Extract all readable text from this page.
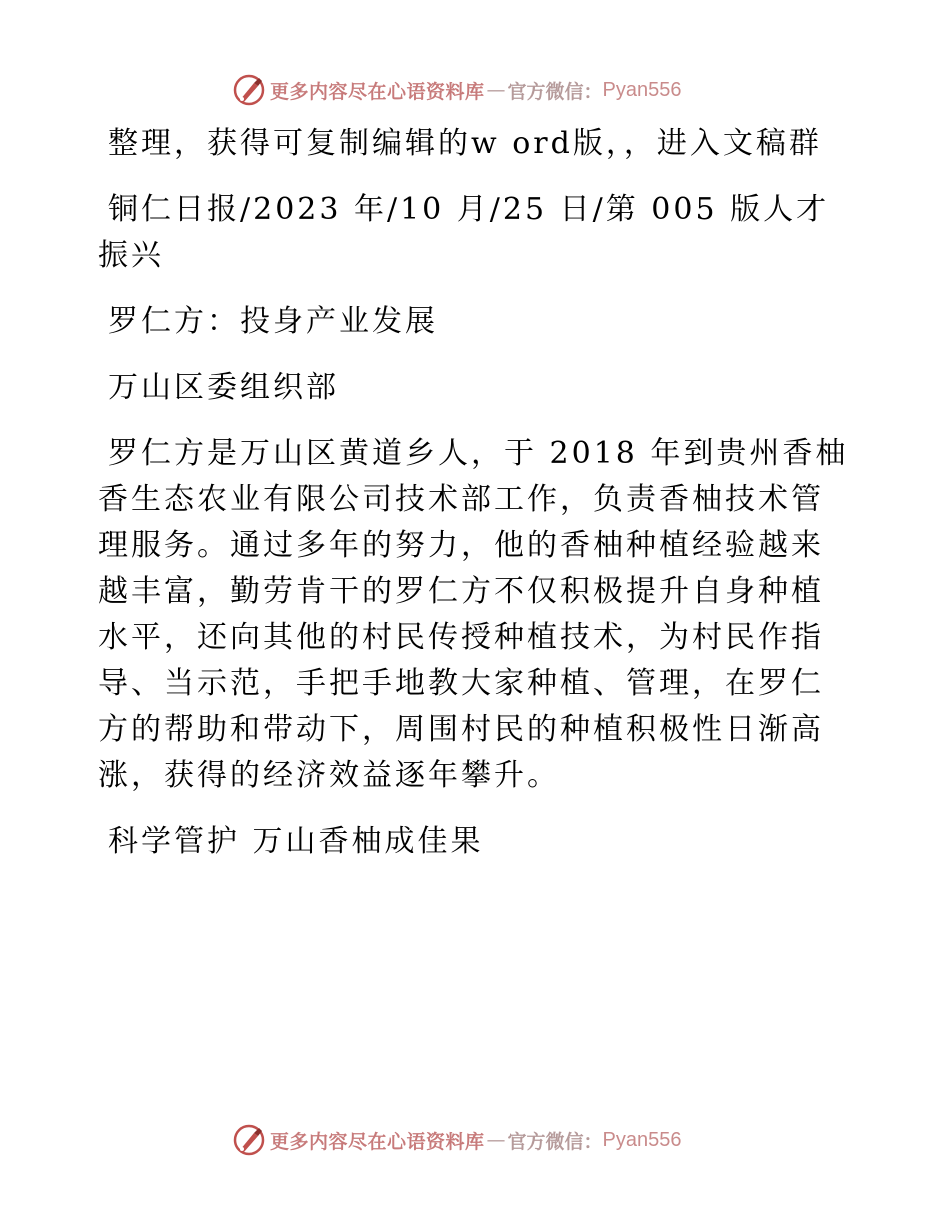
更多内容尽在心语资料库 — 官方微信： Pyan556

整理，获得可复制编辑的w ord版，，进入文稿群

铜仁日报/2023 年/10 月/25 日/第 005 版人才振兴

罗仁方：投身产业发展

万山区委组织部

罗仁方是万山区黄道乡人，于 2018 年到贵州香柚香生态农业有限公司技术部工作，负责香柚技术管理服务。通过多年的努力，他的香柚种植经验越来越丰富，勤劳肯干的罗仁方不仅积极提升自身种植水平，还向其他的村民传授种植技术，为村民作指导、当示范，手把手地教大家种植、管理，在罗仁方的帮助和带动下，周围村民的种植积极性日渐高涨，获得的经济效益逐年攀升。

科学管护 万山香柚成佳果

更多内容尽在心语资料库 — 官方微信： Pyan556
